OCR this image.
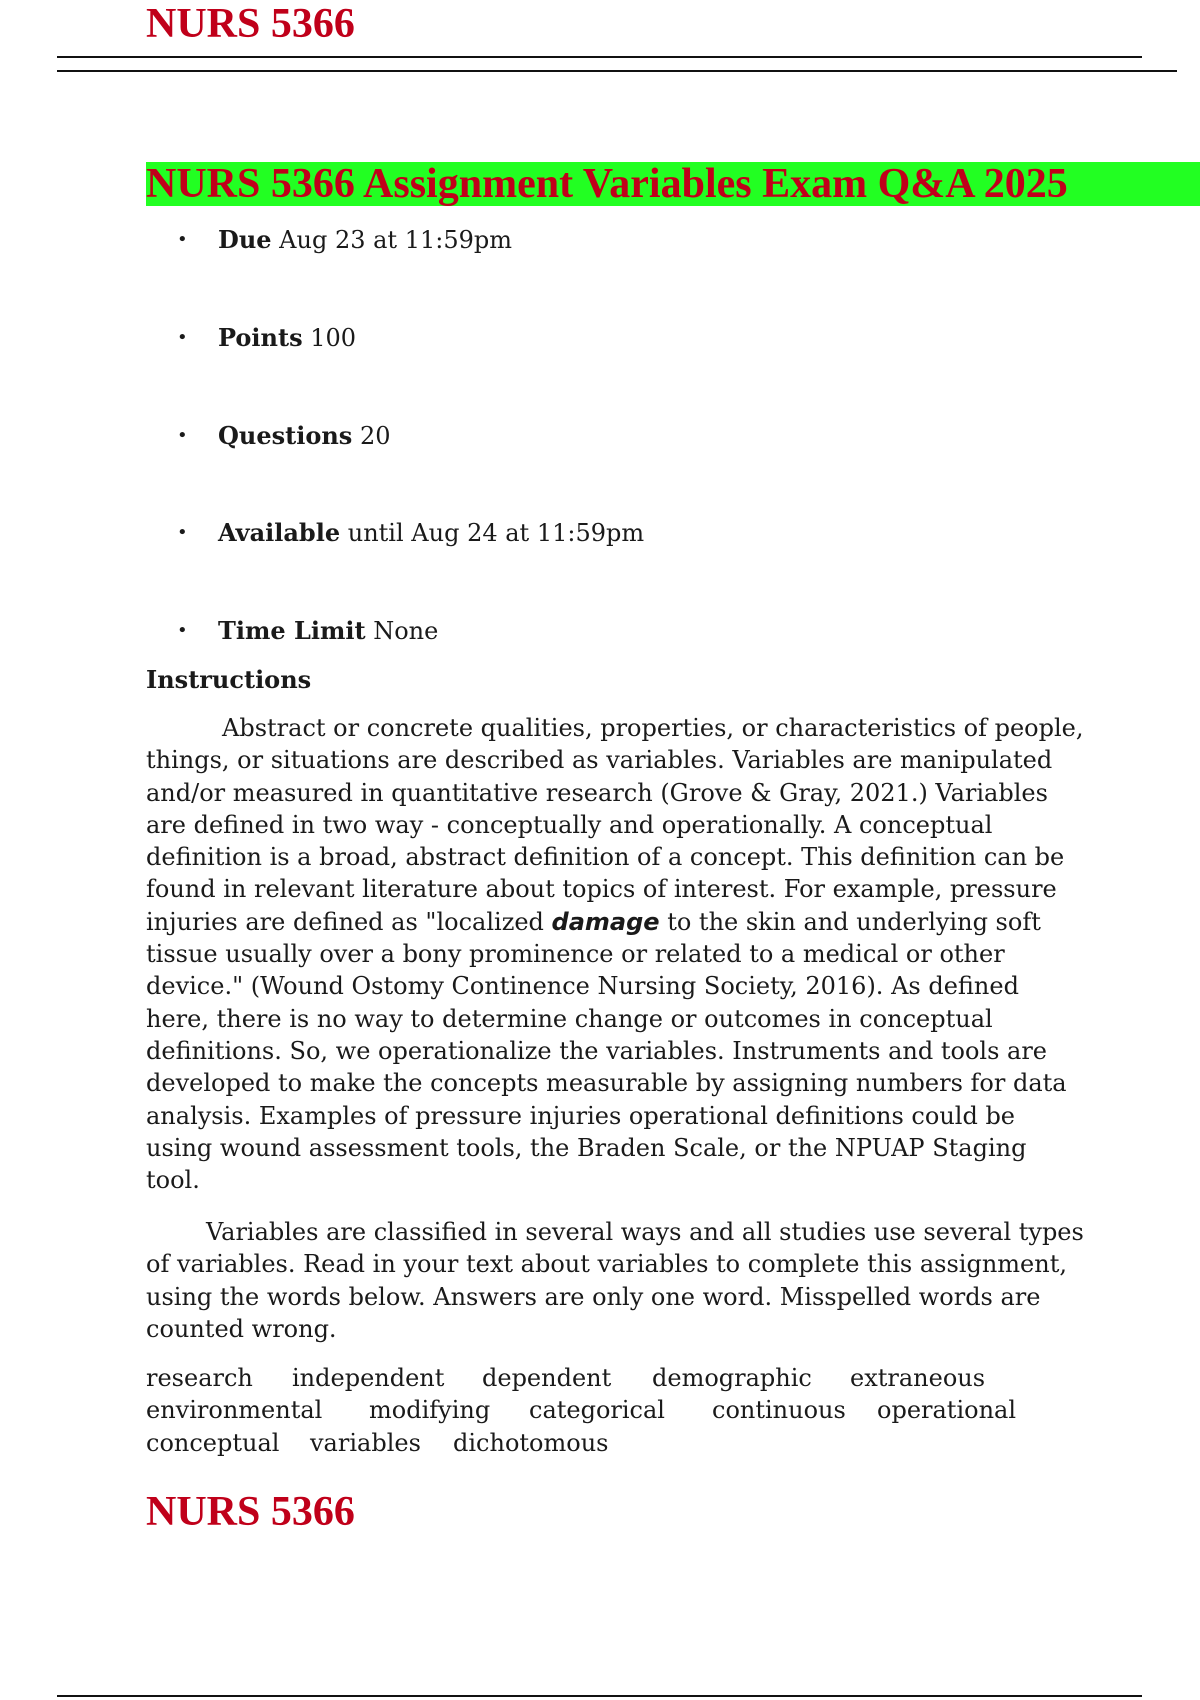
NURS 5366
NURS 5366 Assignment Variables Exam Q&A 2025
• Due Aug 23 at 11:59pm
• Points 100
• Questions 20
• Available until Aug 24 at 11:59pm
• Time Limit None
Instructions

Abstract or concrete qualities, properties, or characteristics of people, things, or situations are described as variables. Variables are manipulated and/or measured in quantitative research (Grove & Gray, 2021.) Variables are defined in two way - conceptually and operationally. A conceptual definition is a broad, abstract definition of a concept. This definition can be found in relevant literature about topics of interest. For example, pressure injuries are defined as "localized damage to the skin and underlying soft tissue usually over a bony prominence or related to a medical or other device." (Wound Ostomy Continence Nursing Society, 2016). As defined here, there is no way to determine change or outcomes in conceptual definitions. So, we operationalize the variables. Instruments and tools are developed to make the concepts measurable by assigning numbers for data analysis. Examples of pressure injuries operational definitions could be using wound assessment tools, the Braden Scale, or the NPUAP Staging tool.

Variables are classified in several ways and all studies use several types of variables. Read in your text about variables to complete this assignment, using the words below. Answers are only one word. Misspelled words are counted wrong.

research independent dependent demographic extraneous
environmental modifying categorical continuous operational
conceptual variables dichotomous
NURS 5366
